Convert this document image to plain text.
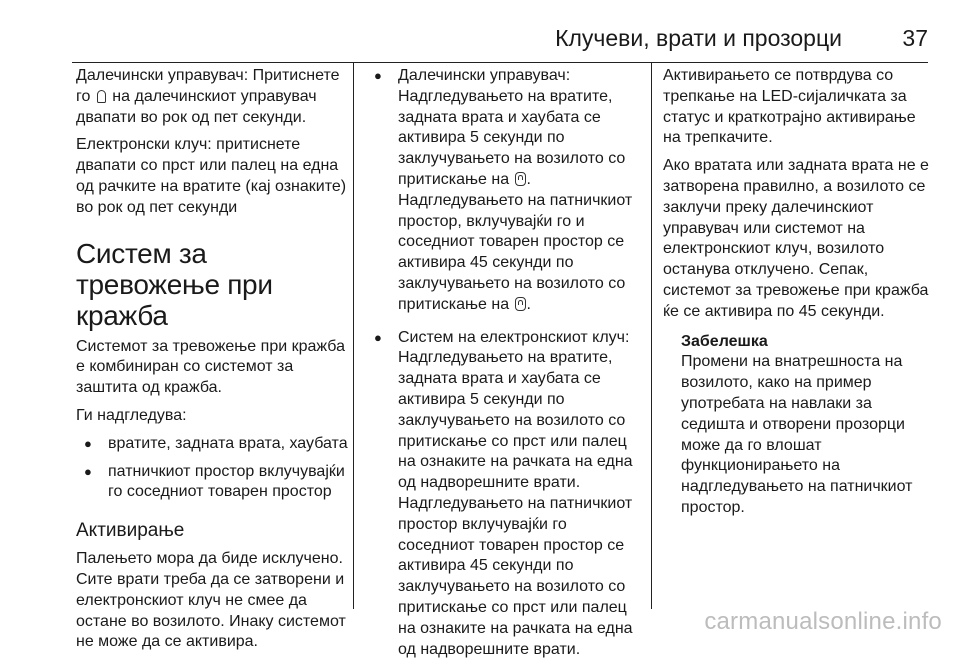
Клучеви, врати и прозорци	37

Далечински управувач: Притиснете го на далечинскиот управувач двапати во рок од пет секунди.

Електронски клуч: притиснете двапати со прст или палец на една од рачките на вратите (кај ознаките) во рок од пет секунди

Систем за тревожење при кражба

Системот за тревожење при кражба е комбиниран со системот за заштита од кражба.

Ги надгледува:

● вратите, задната врата, хаубата
● патничкиот простор вклучувајќи го соседниот товарен простор
Активирање

Палењето мора да биде исклучено. Сите врати треба да се затворени и електронскиот клуч не смее да остане во возилото. Инаку системот не може да се активира.

● Далечински управувач: Надгледувањето на вратите, задната врата и хаубата се активира 5 секунди по заклучувањето на возилото со притискање на . Надгледувањето на патничкиот простор, вклучувајќи го и соседниот товарен простор се активира 45 секунди по заклучувањето на возилото со притискање на .
● Систем на електронскиот клуч: Надгледувањето на вратите, задната врата и хаубата се активира 5 секунди по заклучувањето на возилото со притискање со прст или палец на ознаките на рачката на една од надворешните врати. Надгледувањето на патничкиот простор вклучувајќи го соседниот товарен простор се активира 45 секунди по заклучувањето на возилото со притискање со прст или палец на ознаките на рачката на една од надворешните врати.

Активирањето се потврдува со трепкање на LED-сијаличката за статус и краткотрајно активирање на трепкачите.

Ако вратата или задната врата не е затворена правилно, а возилото се заклучи преку далечинскиот управувач или системот на електронскиот клуч, возилото останува отклучено. Сепак, системот за тревожење при кражба ќе се активира по 45 секунди.

Забелешка
Промени на внатрешноста на возилото, како на пример употребата на навлаки за седишта и отворени прозорци може да го влошат функционирањето на надгледувањето на патничкиот простор.
carmanualsonline.info
